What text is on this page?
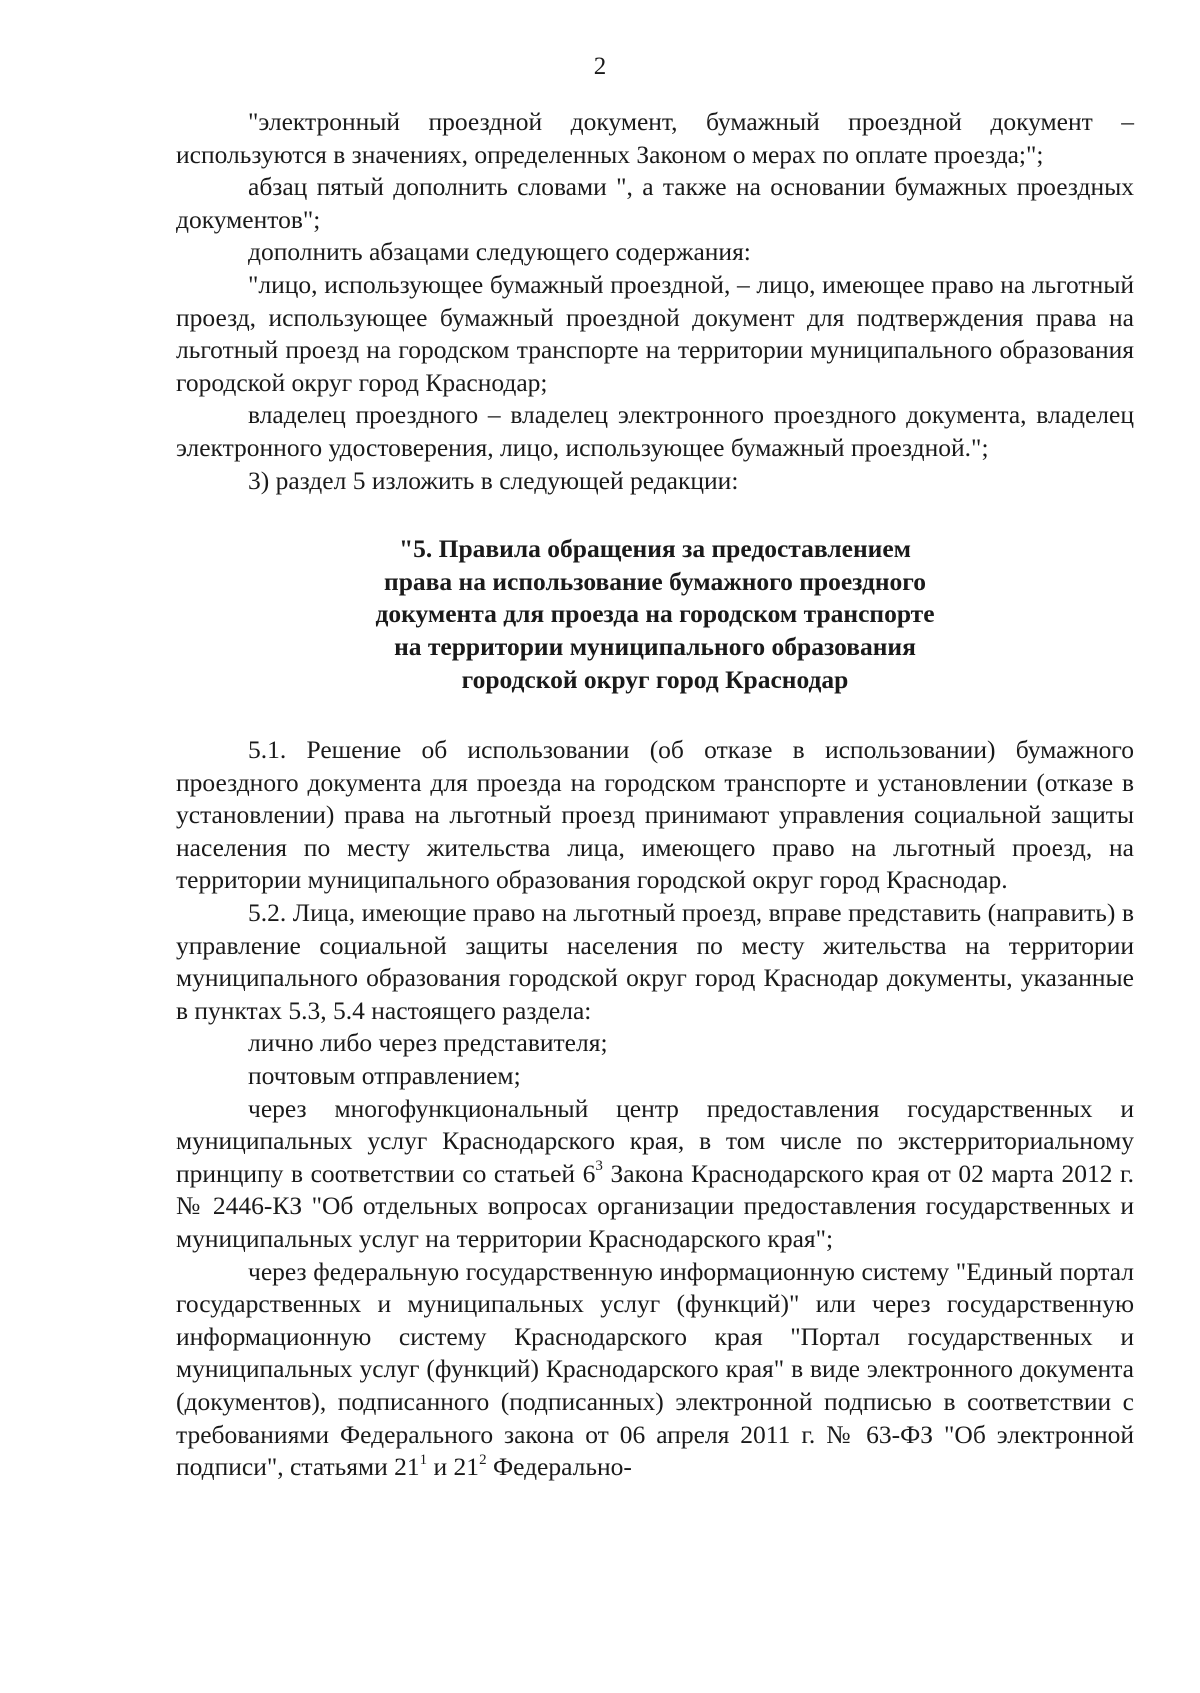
2

"электронный проездной документ, бумажный проездной документ – используются в значениях, определенных Законом о мерах по оплате проезда;";

абзац пятый дополнить словами ", а также на основании бумажных проездных документов";

дополнить абзацами следующего содержания:

"лицо, использующее бумажный проездной, – лицо, имеющее право на льготный проезд, использующее бумажный проездной документ для подтверждения права на льготный проезд на городском транспорте на территории муниципального образования городской округ город Краснодар;

владелец проездного – владелец электронного проездного документа, владелец электронного удостоверения, лицо, использующее бумажный проездной.";

3) раздел 5 изложить в следующей редакции:

"5. Правила обращения за предоставлением
права на использование бумажного проездного
документа для проезда на городском транспорте
на территории муниципального образования
городской округ город Краснодар

5.1. Решение об использовании (об отказе в использовании) бумажного проездного документа для проезда на городском транспорте и установлении (отказе в установлении) права на льготный проезд принимают управления социальной защиты населения по месту жительства лица, имеющего право на льготный проезд, на территории муниципального образования городской округ город Краснодар.

5.2. Лица, имеющие право на льготный проезд, вправе представить (направить) в управление социальной защиты населения по месту жительства на территории муниципального образования городской округ город Краснодар документы, указанные в пунктах 5.3, 5.4 настоящего раздела:

лично либо через представителя;

почтовым отправлением;

через многофункциональный центр предоставления государственных и муниципальных услуг Краснодарского края, в том числе по экстерриториальному принципу в соответствии со статьей $6^3$ Закона Краснодарского края от 02 марта 2012 г. № 2446-КЗ "Об отдельных вопросах организации предоставления государственных и муниципальных услуг на территории Краснодарского края";

через федеральную государственную информационную систему "Единый портал государственных и муниципальных услуг (функций)" или через государственную информационную систему Краснодарского края "Портал государственных и муниципальных услуг (функций) Краснодарского края" в виде электронного документа (документов), подписанного (подписанных) электронной подписью в соответствии с требованиями Федерального закона от 06 апреля 2011 г. № 63-ФЗ "Об электронной подписи", статьями $21^1$ и $21^2$ Федерально-
